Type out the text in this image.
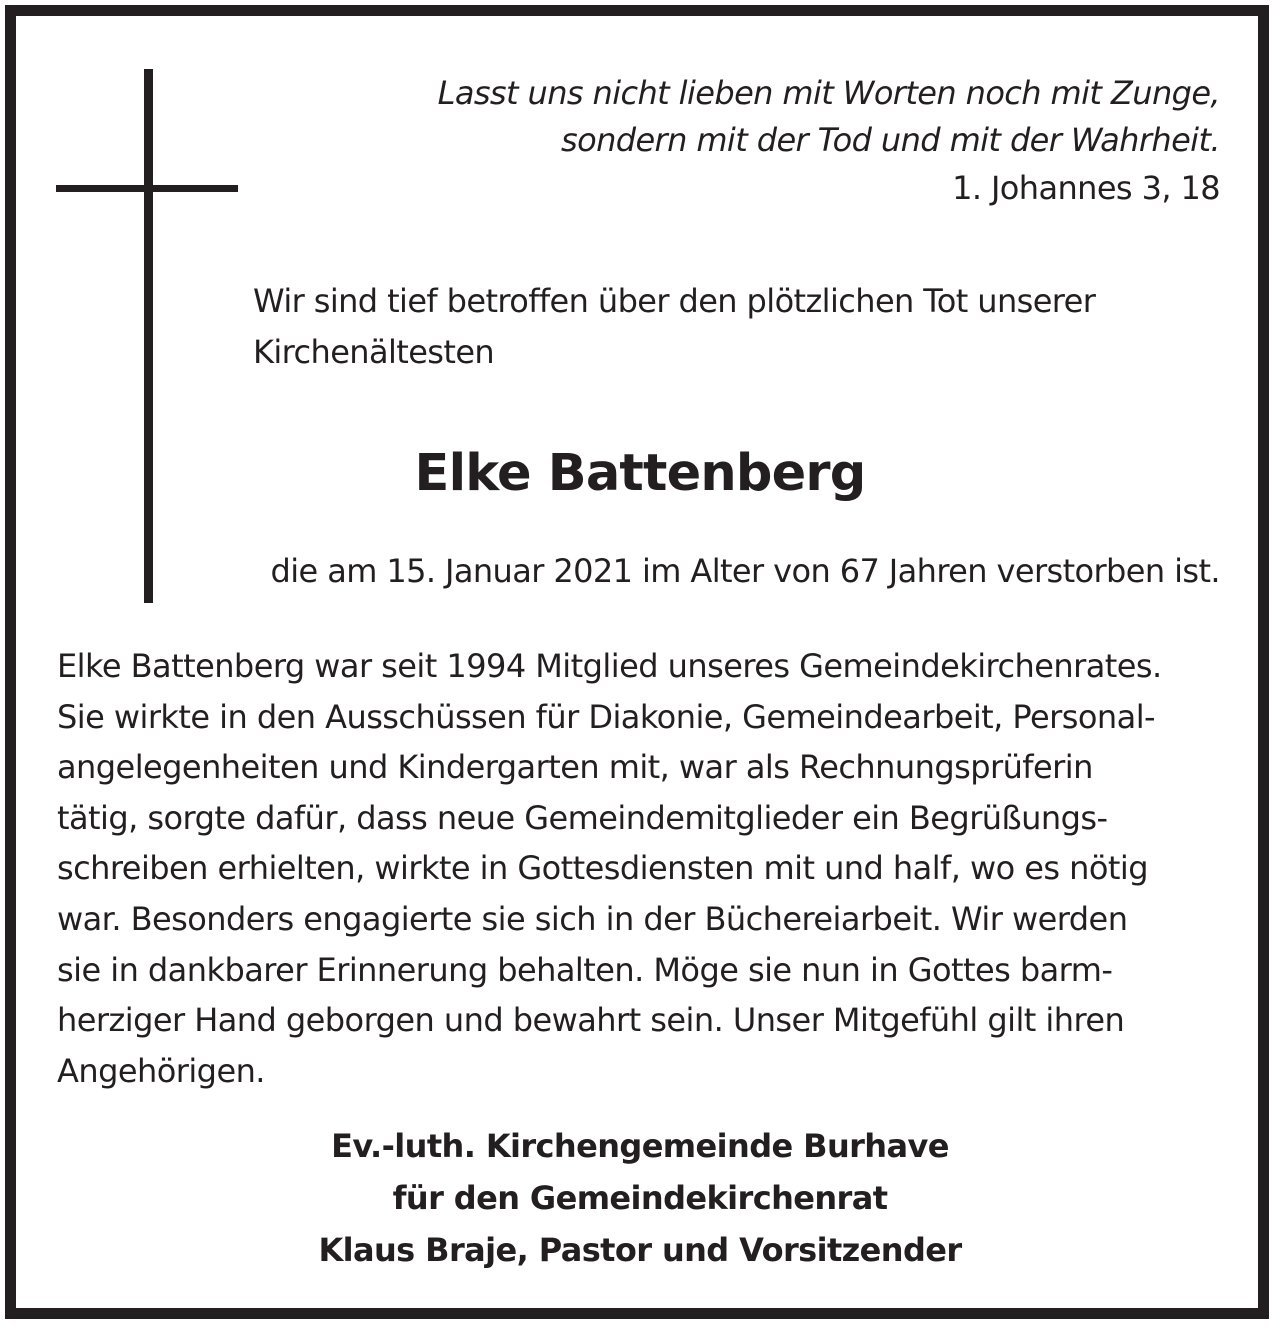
Lasst uns nicht lieben mit Worten noch mit Zunge,
sondern mit der Tod und mit der Wahrheit.
1. Johannes 3, 18
Wir sind tief betroffen über den plötzlichen Tot unserer
Kirchenältesten
Elke Battenberg
die am 15. Januar 2021 im Alter von 67 Jahren verstorben ist.
Elke Battenberg war seit 1994 Mitglied unseres Gemeindekirchenrates.
Sie wirkte in den Ausschüssen für Diakonie, Gemeindearbeit, Personal-
angelegenheiten und Kindergarten mit, war als Rechnungsprüferin
tätig, sorgte dafür, dass neue Gemeindemitglieder ein Begrüßungs-
schreiben erhielten, wirkte in Gottesdiensten mit und half, wo es nötig
war. Besonders engagierte sie sich in der Büchereiarbeit. Wir werden
sie in dankbarer Erinnerung behalten. Möge sie nun in Gottes barm-
herziger Hand geborgen und bewahrt sein. Unser Mitgefühl gilt ihren
Angehörigen.
Ev.-luth. Kirchengemeinde Burhave
für den Gemeindekirchenrat
Klaus Braje, Pastor und Vorsitzender
